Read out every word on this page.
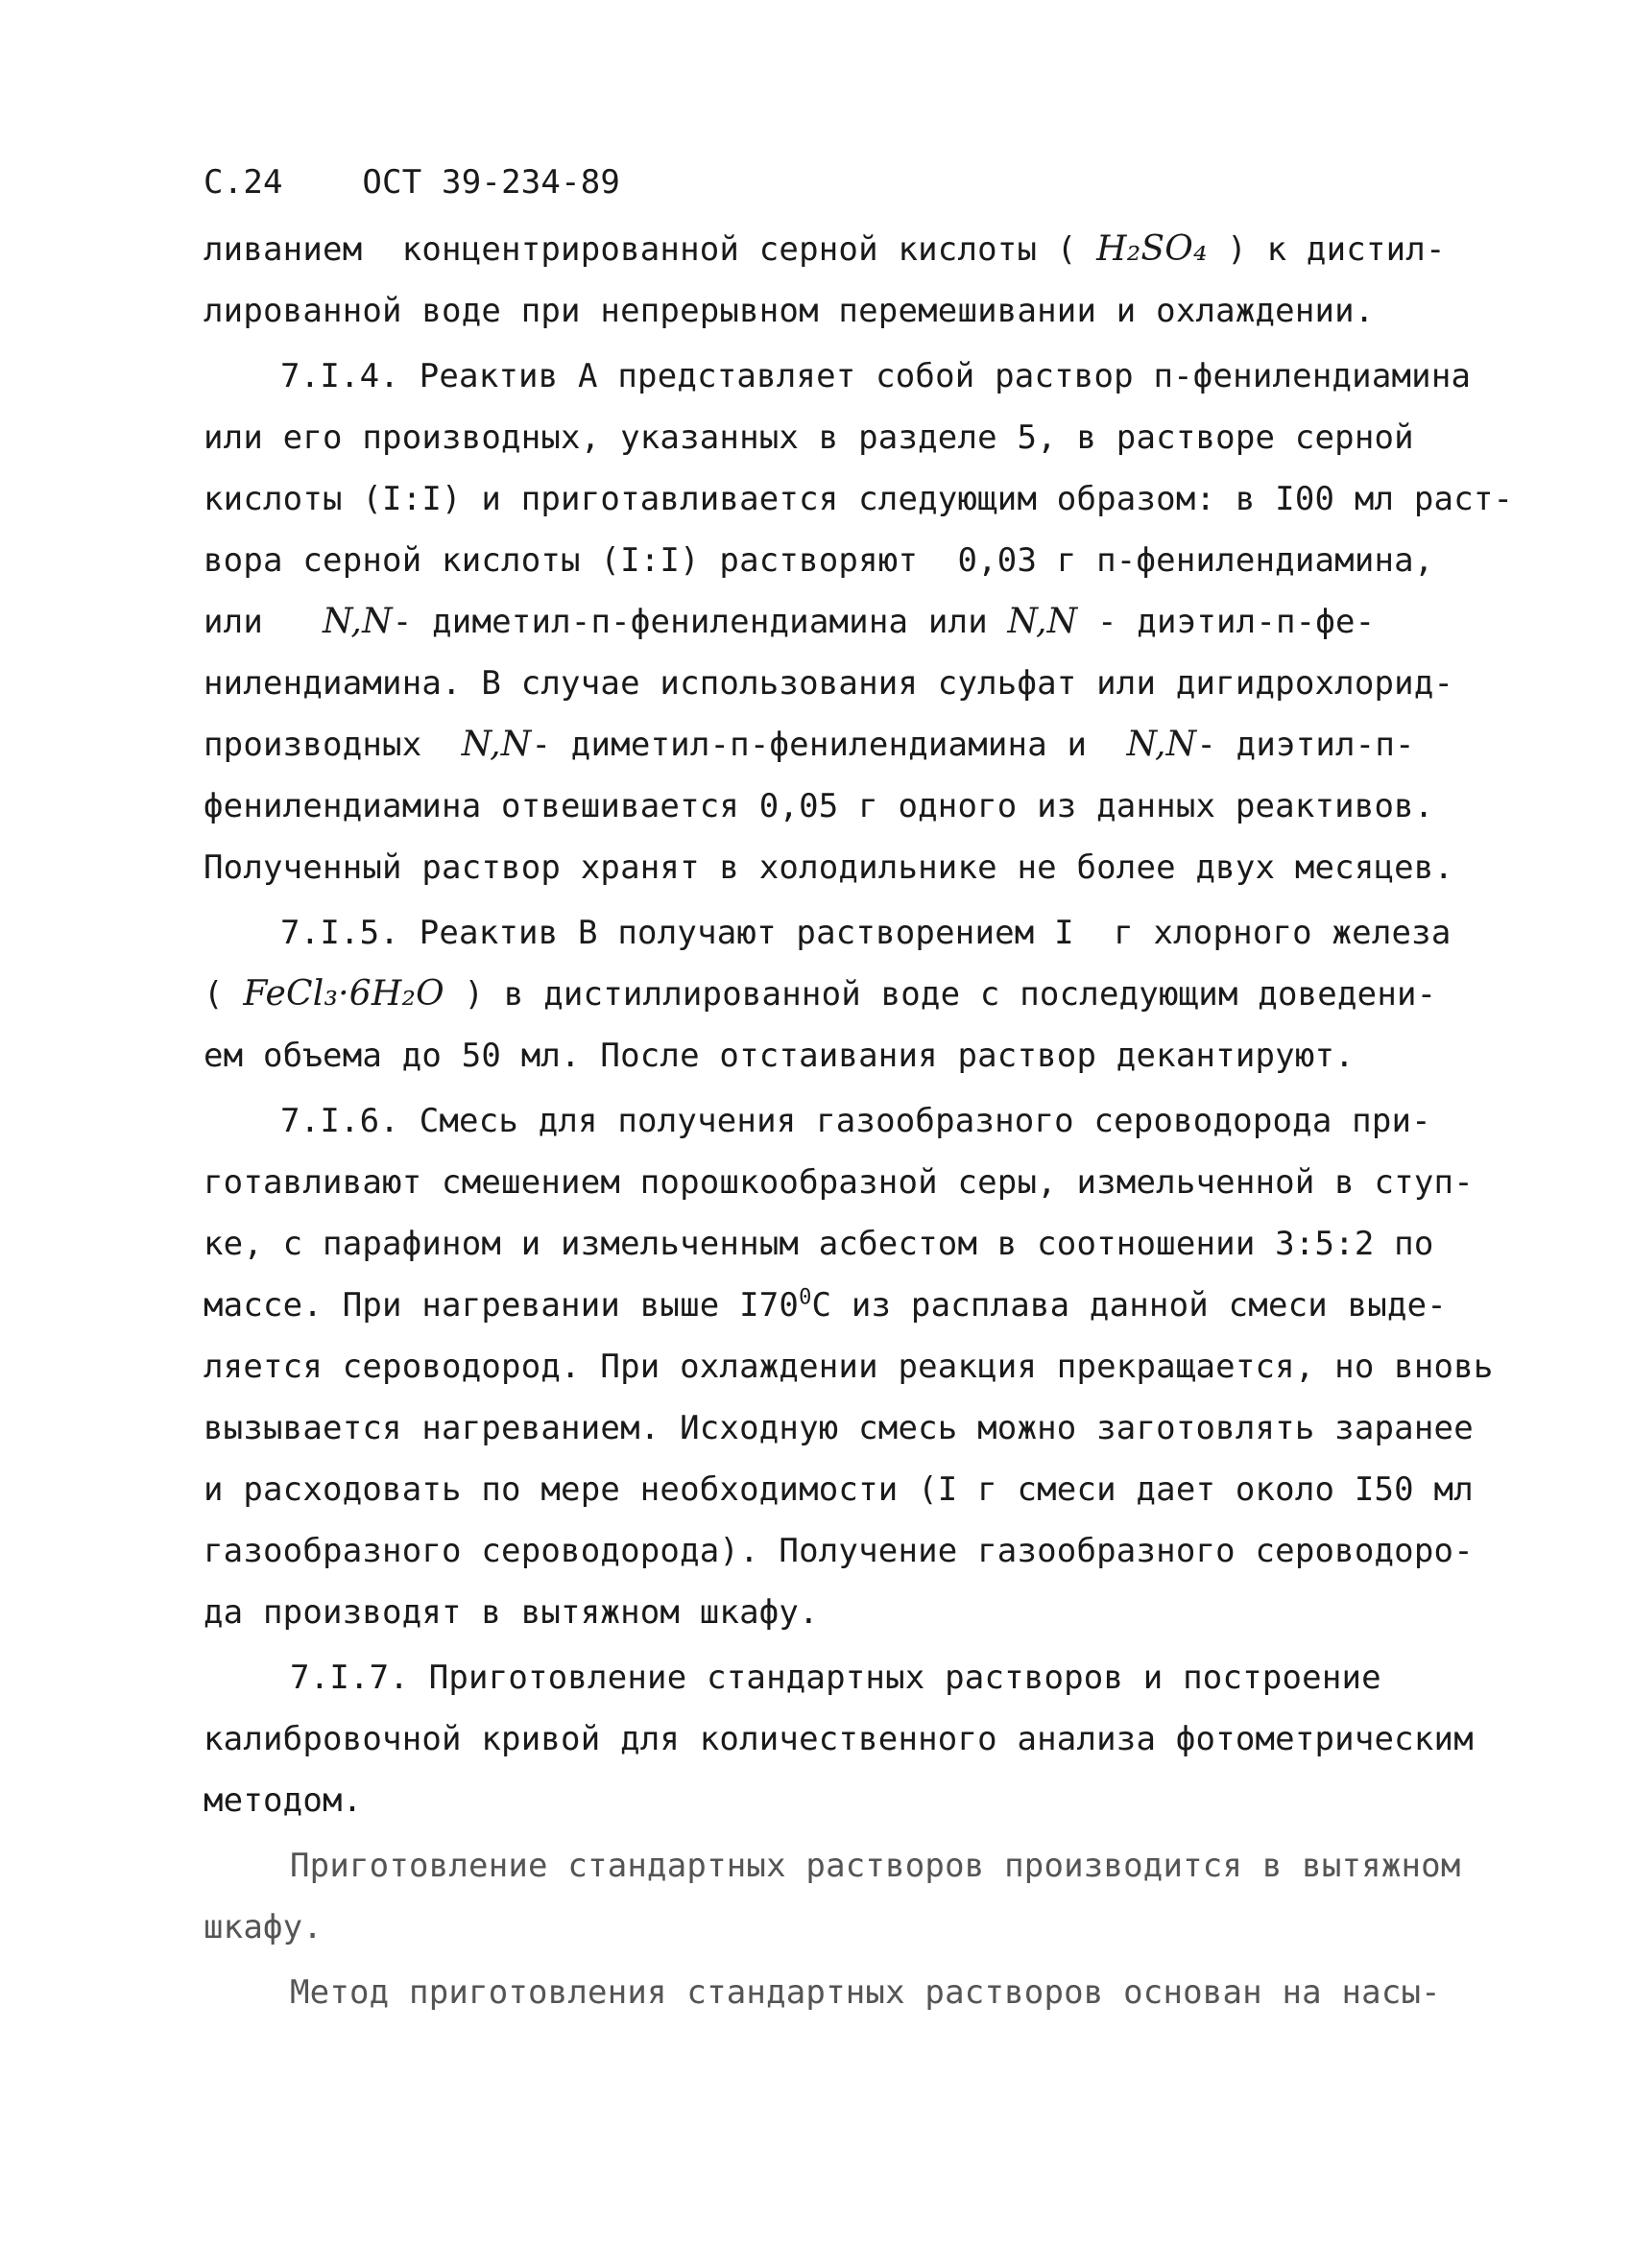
С.24 ОСТ 39-234-89
ливанием  концентрированной серной кислоты ( H₂SO₄ ) к дистил-
лированной воде при непрерывном перемешивании и охлаждении.
7.I.4. Реактив А представляет собой раствор п-фенилендиамина
или его производных, указанных в разделе 5, в растворе серной
кислоты (I:I) и приготавливается следующим образом: в I00 мл раст-
вора серной кислоты (I:I) растворяют  0,03 г п-фенилендиамина,
или   N,N- диметил-п-фенилендиамина или N,N - диэтил-п-фе-
нилендиамина. В случае использования сульфат или дигидрохлорид-
производных  N,N- диметил-п-фенилендиамина и  N,N- диэтил-п-
фенилендиамина отвешивается 0,05 г одного из данных реактивов.
Полученный раствор хранят в холодильнике не более двух месяцев.
7.I.5. Реактив В получают растворением I  г хлорного железа
( FeCl₃·6H₂O ) в дистиллированной воде с последующим доведени-
ем объема до 50 мл. После отстаивания раствор декантируют.
7.I.6. Смесь для получения газообразного сероводорода при-
готавливают смешением порошкообразной серы, измельченной в ступ-
ке, с парафином и измельченным асбестом в соотношении 3:5:2 по
массе. При нагревании выше $I70^0С$ из расплава данной смеси выде-
ляется сероводород. При охлаждении реакция прекращается, но вновь
вызывается нагреванием. Исходную смесь можно заготовлять заранее
и расходовать по мере необходимости (I г смеси дает около I50 мл
газообразного сероводорода). Получение газообразного сероводоро-
да производят в вытяжном шкафу.
7.I.7. Приготовление стандартных растворов и построение
калибровочной кривой для количественного анализа фотометрическим
методом.
Приготовление стандартных растворов производится в вытяжном
шкафу.
Метод приготовления стандартных растворов основан на насы-
